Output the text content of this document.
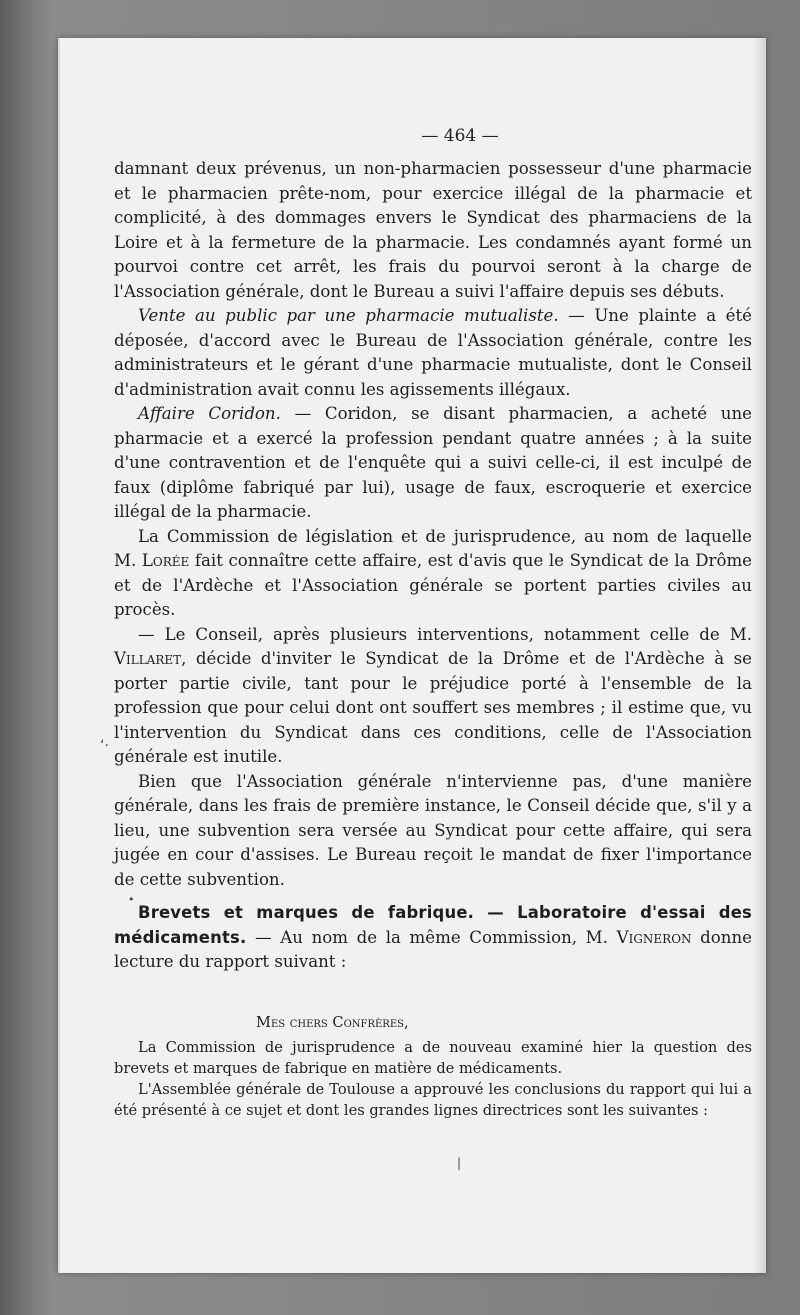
— 464 —

damnant deux prévenus, un non-pharmacien possesseur d'une pharmacie et le pharmacien prête-nom, pour exercice illégal de la pharmacie et complicité, à des dommages envers le Syndicat des pharmaciens de la Loire et à la fermeture de la pharmacie. Les condamnés ayant formé un pourvoi contre cet arrêt, les frais du pourvoi seront à la charge de l'Association générale, dont le Bureau a suivi l'affaire depuis ses débuts.

Vente au public par une pharmacie mutualiste. — Une plainte a été déposée, d'accord avec le Bureau de l'Association générale, contre les administrateurs et le gérant d'une pharmacie mutualiste, dont le Conseil d'administration avait connu les agissements illégaux.

Affaire Coridon. — Coridon, se disant pharmacien, a acheté une pharmacie et a exercé la profession pendant quatre années ; à la suite d'une contravention et de l'enquête qui a suivi celle-ci, il est inculpé de faux (diplôme fabriqué par lui), usage de faux, escroquerie et exercice illégal de la pharmacie.

La Commission de législation et de jurisprudence, au nom de laquelle M. Lorée fait connaître cette affaire, est d'avis que le Syndicat de la Drôme et de l'Ardèche et l'Association générale se portent parties civiles au procès.

— Le Conseil, après plusieurs interventions, notamment celle de M. Villaret, décide d'inviter le Syndicat de la Drôme et de l'Ardèche à se porter partie civile, tant pour le préjudice porté à l'ensemble de la profession que pour celui dont ont souffert ses membres ; il estime que, vu l'intervention du Syndicat dans ces conditions, celle de l'Association générale est inutile.

Bien que l'Association générale n'intervienne pas, d'une manière générale, dans les frais de première instance, le Conseil décide que, s'il y a lieu, une subvention sera versée au Syndicat pour cette affaire, qui sera jugée en cour d'assises. Le Bureau reçoit le mandat de fixer l'importance de cette subvention.

Brevets et marques de fabrique. — Laboratoire d'essai des médicaments. — Au nom de la même Commission, M. Vigneron donne lecture du rapport suivant :

Mes chers Confrères,

La Commission de jurisprudence a de nouveau examiné hier la question des brevets et marques de fabrique en matière de médicaments.

L'Assemblée générale de Toulouse a approuvé les conclusions du rapport qui lui a été présenté à ce sujet et dont les grandes lignes directrices sont les suivantes :

‘⋅
•
|
